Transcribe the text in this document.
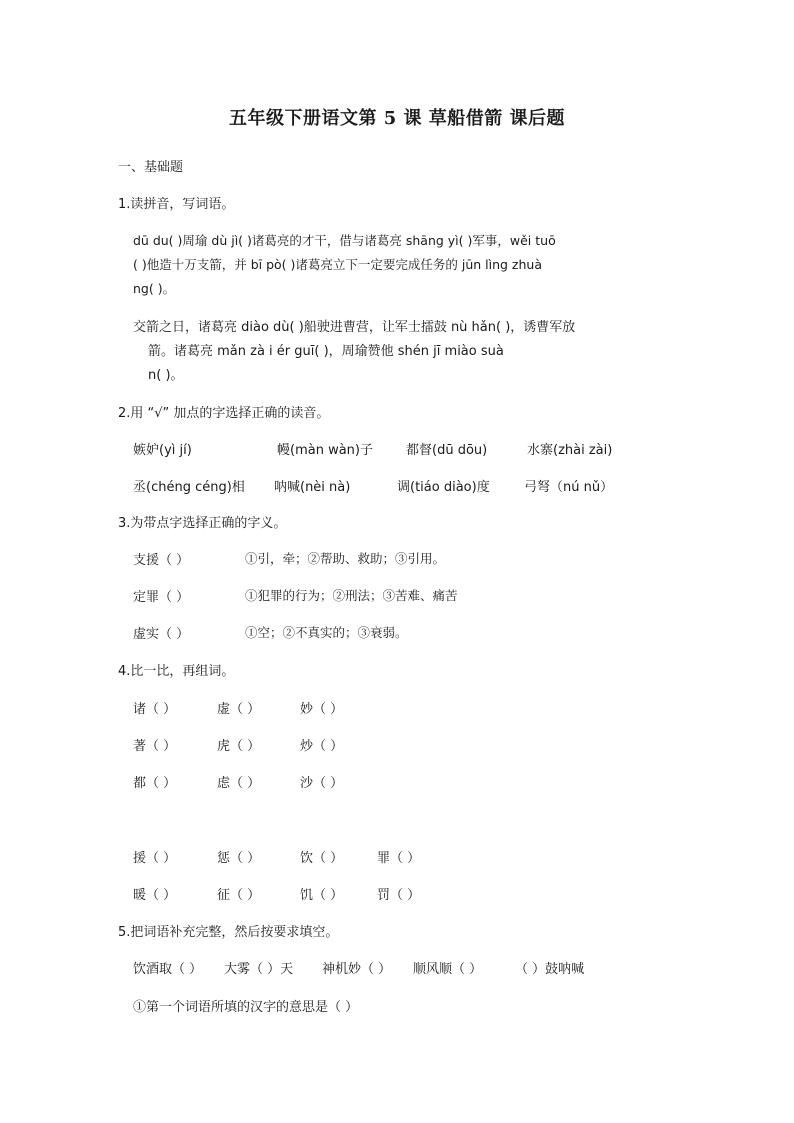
五年级下册语文第 5 课 草船借箭 课后题
一、基础题
1.读拼音，写词语。
dū du( )周瑜 dù jì( )诸葛亮的才干，借与诸葛亮 shāng yì( )军事，wěi tuō
( )他造十万支箭，并 bī pò( )诸葛亮立下一定要完成任务的 jūn lìng zhuà
ng( )。
交箭之日，诸葛亮 diào dù( )船驶进曹营，让军士擂鼓 nù hǎn( )，诱曹军放
箭。诸葛亮 mǎn zà i ér guī( )，周瑜赞他 shén jī miào suà
n( )。
2.用 “√” 加点的字选择正确的读音。
嫉妒(yì jí)	幔(màn wàn)子	都督(dū dōu)	水寨(zhài zài)
丞(chéng céng)相 呐喊(nèi nà)	调(tiáo diào)度	弓弩（nú nǔ）
3.为带点字选择正确的字义。
支援（ ）	①引，牵；②帮助、救助；③引用。
定罪（ ）	①犯罪的行为；②刑法；③苦难、痛苦
虚实（ ）	①空；②不真实的；③衰弱。
4.比一比，再组词。
诸（ ）	虚（ ）	妙（ ）
著（ ）	虎（ ）	炒（ ）
都（ ）	虑（ ）	沙（ ）
援（ ）	惩（ ）	饮（ ）	罪（ ）
暖（ ）	征（ ）	饥（ ）	罚（ ）
5.把词语补充完整，然后按要求填空。
饮酒取（ ） 大雾（ ）天 神机妙（ ） 顺风顺（ ）	（ ）鼓呐喊
①第一个词语所填的汉字的意思是（ ）
